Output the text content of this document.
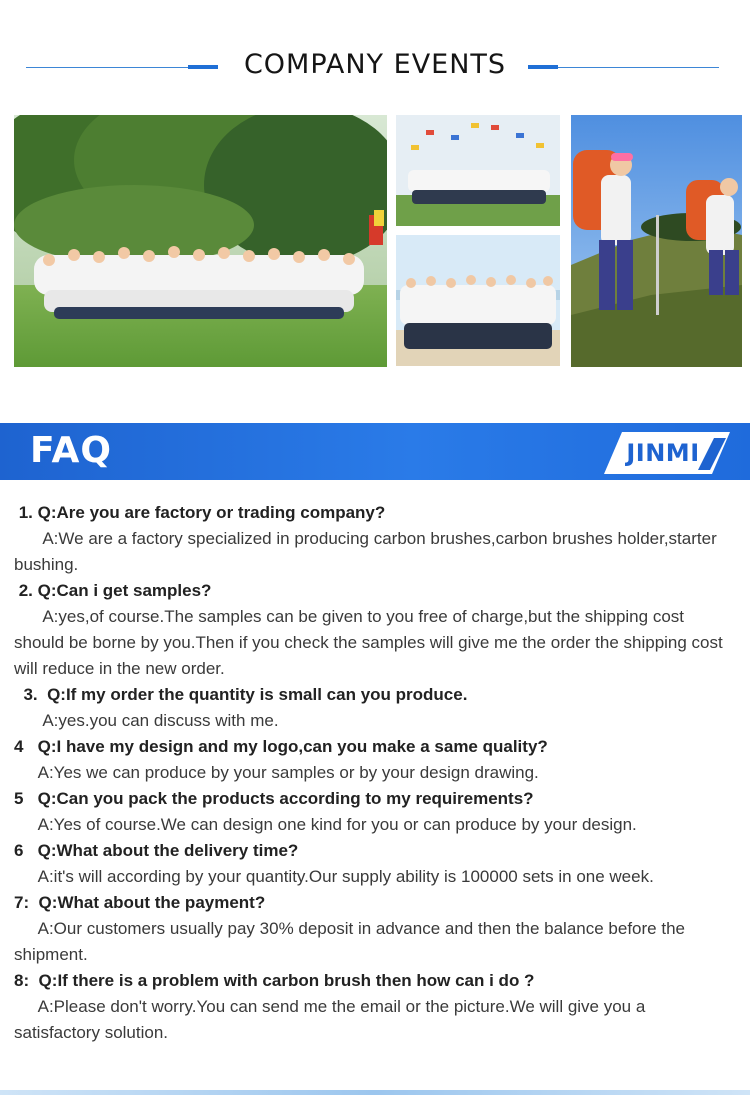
COMPANY EVENTS
FAQ	JINMI
1. Q:Are you are factory or trading company?
A:We are a factory specialized in producing carbon brushes,carbon brushes holder,starter bushing.
2. Q:Can i get samples?
A:yes,of course.The samples can be given to you free of charge,but the shipping cost should be borne by you.Then if you check the samples will give me the order the shipping cost will reduce in the new order.
3.  Q:If my order the quantity is small can you produce.
A:yes.you can discuss with me.
4   Q:I have my design and my logo,can you make a same quality?
A:Yes we can produce by your samples or by your design drawing.
5   Q:Can you pack the products according to my requirements?
A:Yes of course.We can design one kind for you or can produce by your design.
6   Q:What about the delivery time?
A:it's will according by your quantity.Our supply ability is 100000 sets in one week.
7:  Q:What about the payment?
A:Our customers usually pay 30% deposit in advance and then the balance before the shipment.
8:  Q:If there is a problem with carbon brush then how can i do ?
A:Please don't worry.You can send me the email or the picture.We will give you a satisfactory solution.
